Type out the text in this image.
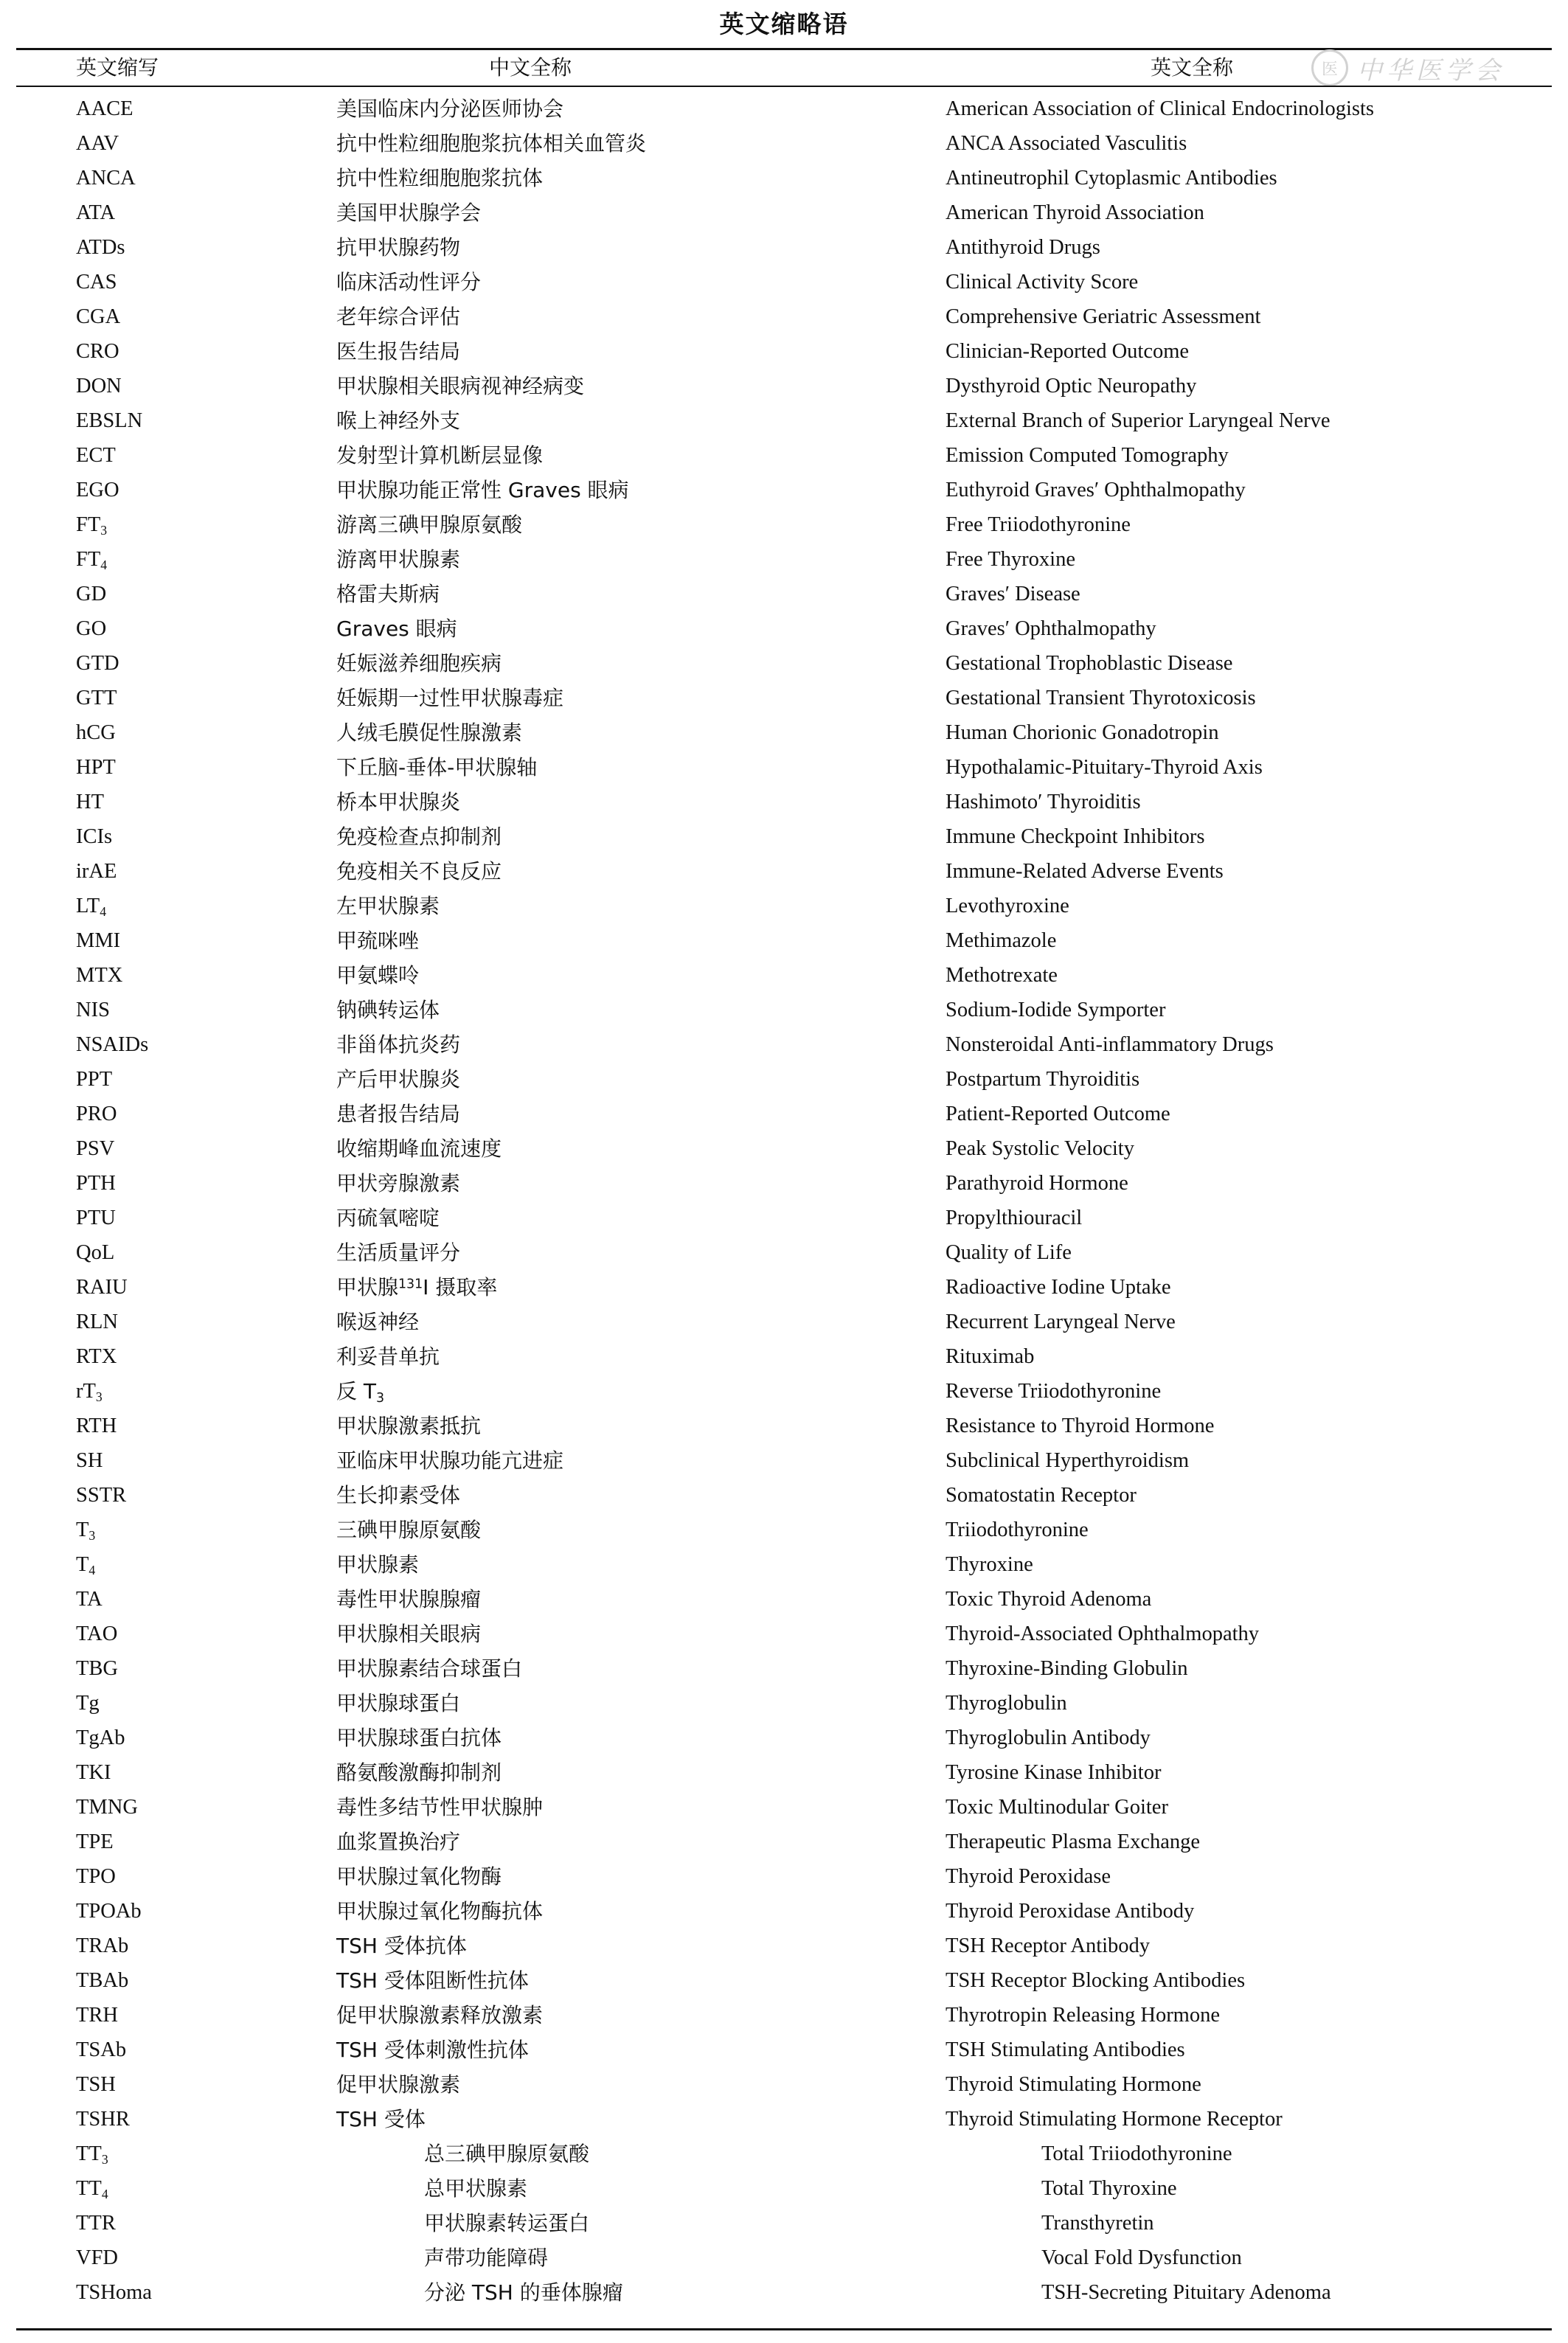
英文缩略语
英文缩写	中文全称	英文全称	医 中华医学会
AACE	美国临床内分泌医师协会	American Association of Clinical Endocrinologists
AAV	抗中性粒细胞胞浆抗体相关血管炎	ANCA Associated Vasculitis
ANCA	抗中性粒细胞胞浆抗体	Antineutrophil Cytoplasmic Antibodies
ATA	美国甲状腺学会	American Thyroid Association
ATDs	抗甲状腺药物	Antithyroid Drugs
CAS	临床活动性评分	Clinical Activity Score
CGA	老年综合评估	Comprehensive Geriatric Assessment
CRO	医生报告结局	Clinician-Reported Outcome
DON	甲状腺相关眼病视神经病变	Dysthyroid Optic Neuropathy
EBSLN	喉上神经外支	External Branch of Superior Laryngeal Nerve
ECT	发射型计算机断层显像	Emission Computed Tomography
EGO	甲状腺功能正常性 Graves 眼病	Euthyroid Graves′ Ophthalmopathy
$FT_3$	游离三碘甲腺原氨酸	Free Triiodothyronine
$FT_4$	游离甲状腺素	Free Thyroxine
GD	格雷夫斯病	Graves′ Disease
GO	Graves 眼病	Graves′ Ophthalmopathy
GTD	妊娠滋养细胞疾病	Gestational Trophoblastic Disease
GTT	妊娠期一过性甲状腺毒症	Gestational Transient Thyrotoxicosis
hCG	人绒毛膜促性腺激素	Human Chorionic Gonadotropin
HPT	下丘脑-垂体-甲状腺轴	Hypothalamic-Pituitary-Thyroid Axis
HT	桥本甲状腺炎	Hashimoto′ Thyroiditis
ICIs	免疫检查点抑制剂	Immune Checkpoint Inhibitors
irAE	免疫相关不良反应	Immune-Related Adverse Events
$LT_4$	左甲状腺素	Levothyroxine
MMI	甲巯咪唑	Methimazole
MTX	甲氨蝶呤	Methotrexate
NIS	钠碘转运体	Sodium-Iodide Symporter
NSAIDs	非甾体抗炎药	Nonsteroidal Anti-inflammatory Drugs
PPT	产后甲状腺炎	Postpartum Thyroiditis
PRO	患者报告结局	Patient-Reported Outcome
PSV	收缩期峰血流速度	Peak Systolic Velocity
PTH	甲状旁腺激素	Parathyroid Hormone
PTU	丙硫氧嘧啶	Propylthiouracil
QoL	生活质量评分	Quality of Life
RAIU	甲状腺$^{131}$I 摄取率	Radioactive Iodine Uptake
RLN	喉返神经	Recurrent Laryngeal Nerve
RTX	利妥昔单抗	Rituximab
$rT_3$	反 $T_3$	Reverse Triiodothyronine
RTH	甲状腺激素抵抗	Resistance to Thyroid Hormone
SH	亚临床甲状腺功能亢进症	Subclinical Hyperthyroidism
SSTR	生长抑素受体	Somatostatin Receptor
$T_3$	三碘甲腺原氨酸	Triiodothyronine
$T_4$	甲状腺素	Thyroxine
TA	毒性甲状腺腺瘤	Toxic Thyroid Adenoma
TAO	甲状腺相关眼病	Thyroid-Associated Ophthalmopathy
TBG	甲状腺素结合球蛋白	Thyroxine-Binding Globulin
Tg	甲状腺球蛋白	Thyroglobulin
TgAb	甲状腺球蛋白抗体	Thyroglobulin Antibody
TKI	酪氨酸激酶抑制剂	Tyrosine Kinase Inhibitor
TMNG	毒性多结节性甲状腺肿	Toxic Multinodular Goiter
TPE	血浆置换治疗	Therapeutic Plasma Exchange
TPO	甲状腺过氧化物酶	Thyroid Peroxidase
TPOAb	甲状腺过氧化物酶抗体	Thyroid Peroxidase Antibody
TRAb	TSH 受体抗体	TSH Receptor Antibody
TBAb	TSH 受体阻断性抗体	TSH Receptor Blocking Antibodies
TRH	促甲状腺激素释放激素	Thyrotropin Releasing Hormone
TSAb	TSH 受体刺激性抗体	TSH Stimulating Antibodies
TSH	促甲状腺激素	Thyroid Stimulating Hormone
TSHR	TSH 受体	Thyroid Stimulating Hormone Receptor
$TT_3$	总三碘甲腺原氨酸	Total Triiodothyronine
$TT_4$	总甲状腺素	Total Thyroxine
TTR	甲状腺素转运蛋白	Transthyretin
VFD	声带功能障碍	Vocal Fold Dysfunction
TSHoma	分泌 TSH 的垂体腺瘤	TSH-Secreting Pituitary Adenoma
